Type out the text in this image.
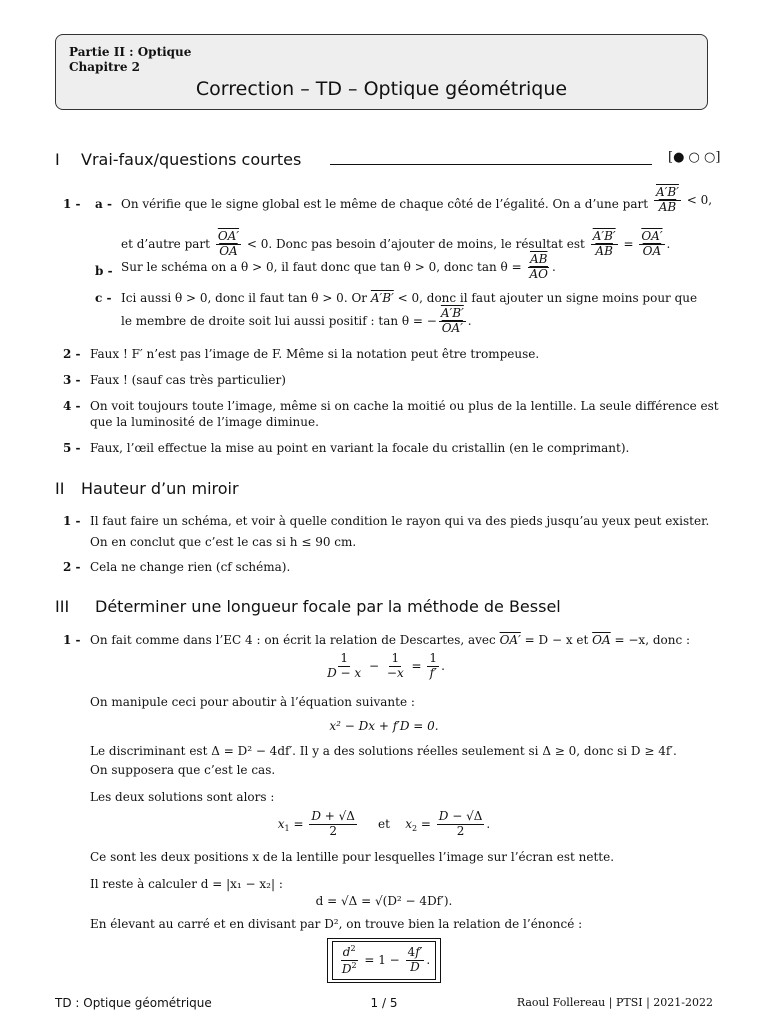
Partie II : Optique
Chapitre 2
Correction – TD – Optique géométrique
I Vrai-faux/questions courtes	[● ○ ○]
1 - a - On vérifie que le signe global est le même de chaque côté de l’égalité. On a d’une part $\frac{A'B'}{AB} < 0$,
et d’autre part $\frac{OA'}{OA} < 0$. Donc pas besoin d’ajouter de moins, le résultat est $\frac{A'B'}{AB} = \frac{OA'}{OA}$ .
b - Sur le schéma on a θ > 0, il faut donc que tan θ > 0, donc $\tan \theta = \frac{\overline{AB}}{AO}$ .
c - Ici aussi θ > 0, donc il faut tan θ > 0. Or A′B′ < 0, donc il faut ajouter un signe moins pour que
le membre de droite soit lui aussi positif : tan θ = − $\frac{A'B'}{OA'}$ .
2 - Faux ! F′ n’est pas l’image de F. Même si la notation peut être trompeuse.
3 - Faux ! (sauf cas très particulier)
4 - On voit toujours toute l’image, même si on cache la moitié ou plus de la lentille. La seule différence est
que la luminosité de l’image diminue.
5 - Faux, l’œil effectue la mise au point en variant la focale du cristallin (en le comprimant).
II Hauteur d’un miroir
1 - Il faut faire un schéma, et voir à quelle condition le rayon qui va des pieds jusqu’au yeux peut exister.
On en conclut que c’est le cas si h ≤ 90 cm.
2 - Cela ne change rien (cf schéma).
III Déterminer une longueur focale par la méthode de Bessel
1 - On fait comme dans l’EC 4 : on écrit la relation de Descartes, avec OA′ = D − x et $\overline{OA} = -x$, donc :
$\frac{1}{D - x} - \frac{1}{-x} = \frac{1}{f'}$ .
On manipule ceci pour aboutir à l’équation suivante :
x² − Dx + f′D = 0.
Le discriminant est Δ = D² − 4df′. Il y a des solutions réelles seulement si Δ ≥ 0, donc si D ≥ 4f′.
On supposera que c’est le cas.
Les deux solutions sont alors :
$x_1 = \frac{D + √\Delta}{2}$ et    $x_2 = \frac{D - √\Delta}{2}$ .
Ce sont les deux positions x de la lentille pour lesquelles l’image sur l’écran est nette.
Il reste à calculer d = |x₁ − x₂| :
d = √Δ = √(D² − 4Df′).
En élevant au carré et en divisant par D², on trouve bien la relation de l’énoncé :
$\frac{d^2}{D^2} = 1 - \frac{4f'}{D}$ .
TD : Optique géométrique	1 / 5	Raoul Follereau | PTSI | 2021-2022
